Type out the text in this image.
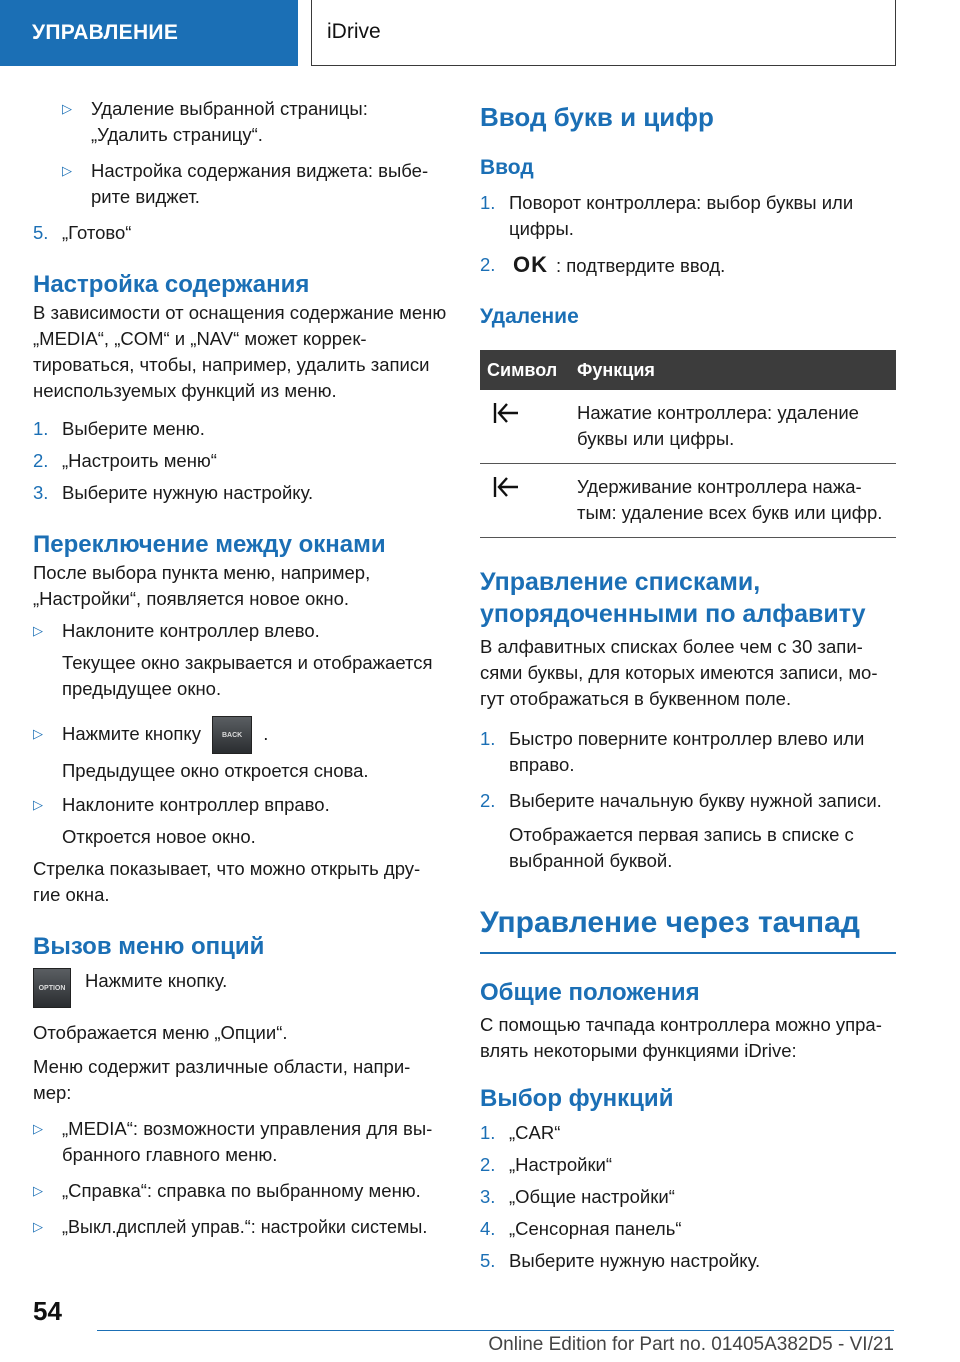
УПРАВЛЕНИЕ	iDrive
▷ Удаление выбранной страницы: „Удалить страницу“.
▷ Настройка содержания виджета: выбе-рите виджет.
5. „Готово“
Настройка содержания

В зависимости от оснащения содержание меню „MEDIA“, „COM“ и „NAV“ может коррек-тироваться, чтобы, например, удалить записи неиспользуемых функций из меню.

1. Выберите меню.
2. „Настроить меню“
3. Выберите нужную настройку.
Переключение между окнами

После выбора пункта меню, например, „Настройки“, появляется новое окно.

▷ Наклоните контроллер влево.

Текущее окно закрывается и отображается предыдущее окно.

▷ Нажмите кнопку	BACK .

Предыдущее окно откроется снова.

▷ Наклоните контроллер вправо.

Откроется новое окно.

Стрелка показывает, что можно открыть дру-гие окна.

Вызов меню опций
OPTION	Нажмите кнопку.

Отображается меню „Опции“.

Меню содержит различные области, напри-мер:

▷ „MEDIA“: возможности управления для вы-бранного главного меню.
▷ „Справка“: справка по выбранному меню.
▷ „Выкл.дисплей управ.“: настройки системы.
Ввод букв и цифр
Ввод
1. Поворот контроллера: выбор буквы или цифры.
2. OK : подтвердите ввод.
Удаление
Символ	Функция
	Нажатие контроллера: удаление буквы или цифры.
	Удерживание контроллера нажа-тым: удаление всех букв или цифр.
Управление списками, упорядоченными по алфавиту

В алфавитных списках более чем с 30 запи-сями буквы, для которых имеются записи, мо-гут отображаться в буквенном поле.

1. Быстро поверните контроллер влево или вправо.
2. Выберите начальную букву нужной записи.

Отображается первая запись в списке с выбранной буквой.

Управление через тачпад
Общие положения

С помощью тачпада контроллера можно упра-влять некоторыми функциями iDrive:

Выбор функций
1. „CAR“
2. „Настройки“
3. „Общие настройки“
4. „Сенсорная панель“
5. Выберите нужную настройку.
54
Online Edition for Part no. 01405A382D5 - VI/21
